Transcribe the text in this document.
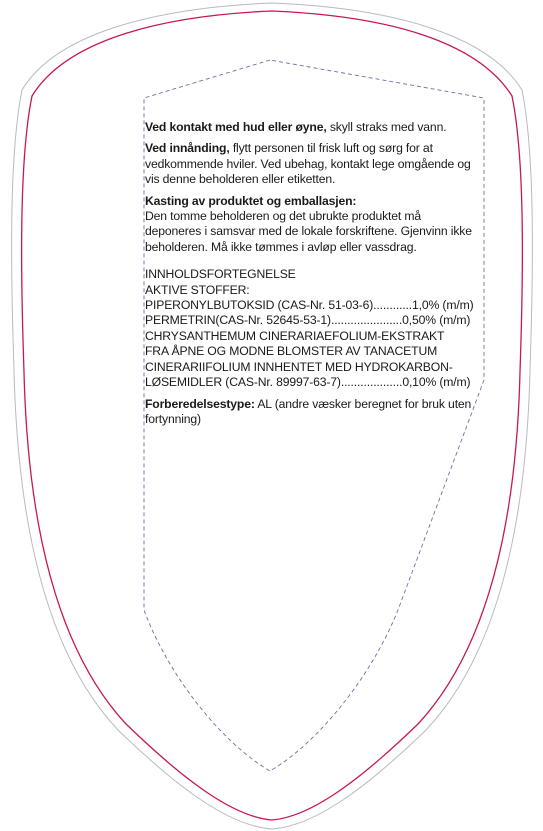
Ved kontakt med hud eller øyne, skyll straks med vann.
Ved innånding, flytt personen til frisk luft og sørg for at
vedkommende hviler. Ved ubehag, kontakt lege omgående og
vis denne beholderen eller etiketten.
Kasting av produktet og emballasjen:
Den tomme beholderen og det ubrukte produktet må
deponeres i samsvar med de lokale forskriftene. Gjenvinn ikke
beholderen. Må ikke tømmes i avløp eller vassdrag.
INNHOLDSFORTEGNELSE
AKTIVE STOFFER:
PIPERONYLBUTOKSID (CAS-Nr. 51-03-6)............1,0% (m/m)
PERMETRIN(CAS-Nr. 52645-53-1)......................0,50% (m/m)
CHRYSANTHEMUM CINERARIAEFOLIUM-EKSTRAKT
FRA ÅPNE OG MODNE BLOMSTER AV TANACETUM
CINERARIIFOLIUM INNHENTET MED HYDROKARBON-
LØSEMIDLER (CAS-Nr. 89997-63-7)...................0,10% (m/m)
Forberedelsestype: AL (andre væsker beregnet for bruk uten
fortynning)
